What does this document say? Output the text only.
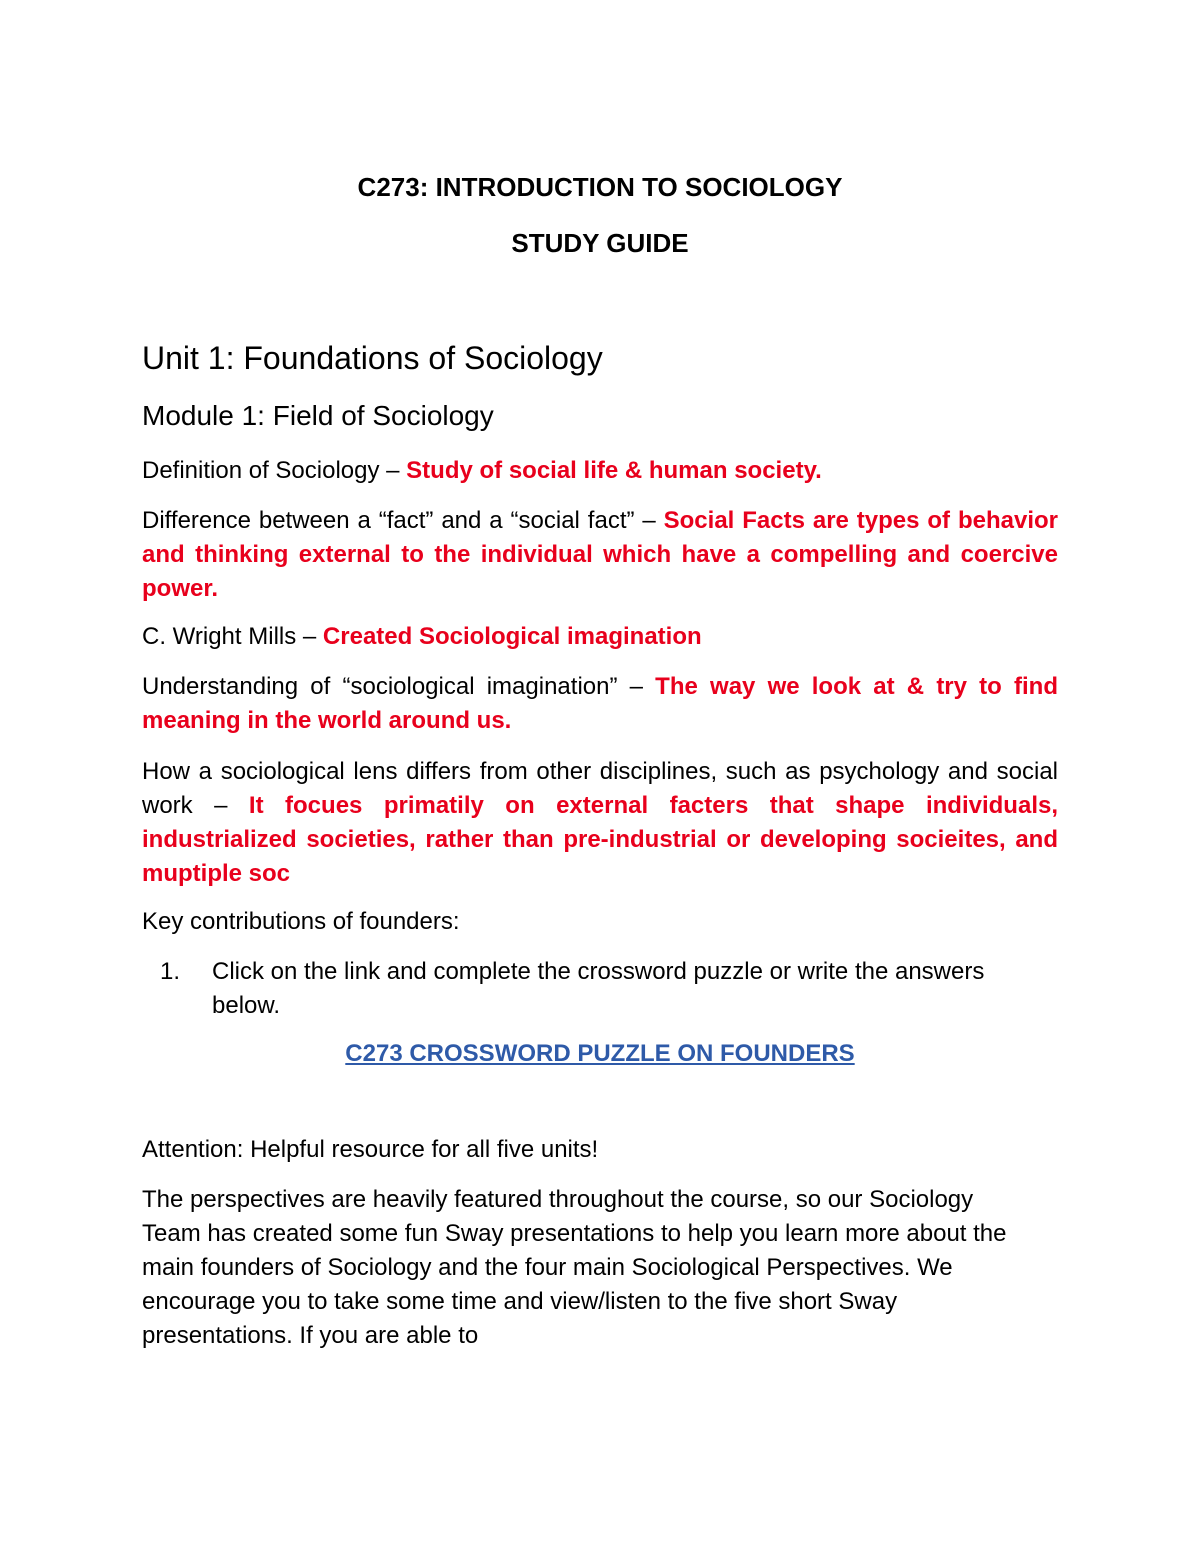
C273: INTRODUCTION TO SOCIOLOGY
STUDY GUIDE
Unit 1: Foundations of Sociology
Module 1: Field of Sociology

Definition of Sociology – Study of social life & human society.

Difference between a “fact” and a “social fact” – Social Facts are types of behavior and thinking external to the individual which have a compelling and coercive power.

C. Wright Mills – Created Sociological imagination

Understanding of “sociological imagination” – The way we look at & try to find meaning in the world around us.

How a sociological lens differs from other disciplines, such as psychology and social work – It focues primatily on external facters that shape individuals, industrialized societies, rather than pre-industrial or developing socieites, and muptiple soc

Key contributions of founders:

1.	Click on the link and complete the crossword puzzle or write the answers below.
C273 CROSSWORD PUZZLE ON FOUNDERS

Attention: Helpful resource for all five units!

The perspectives are heavily featured throughout the course, so our Sociology Team has created some fun Sway presentations to help you learn more about the main founders of Sociology and the four main Sociological Perspectives. We encourage you to take some time and view/listen to the five short Sway presentations. If you are able to
